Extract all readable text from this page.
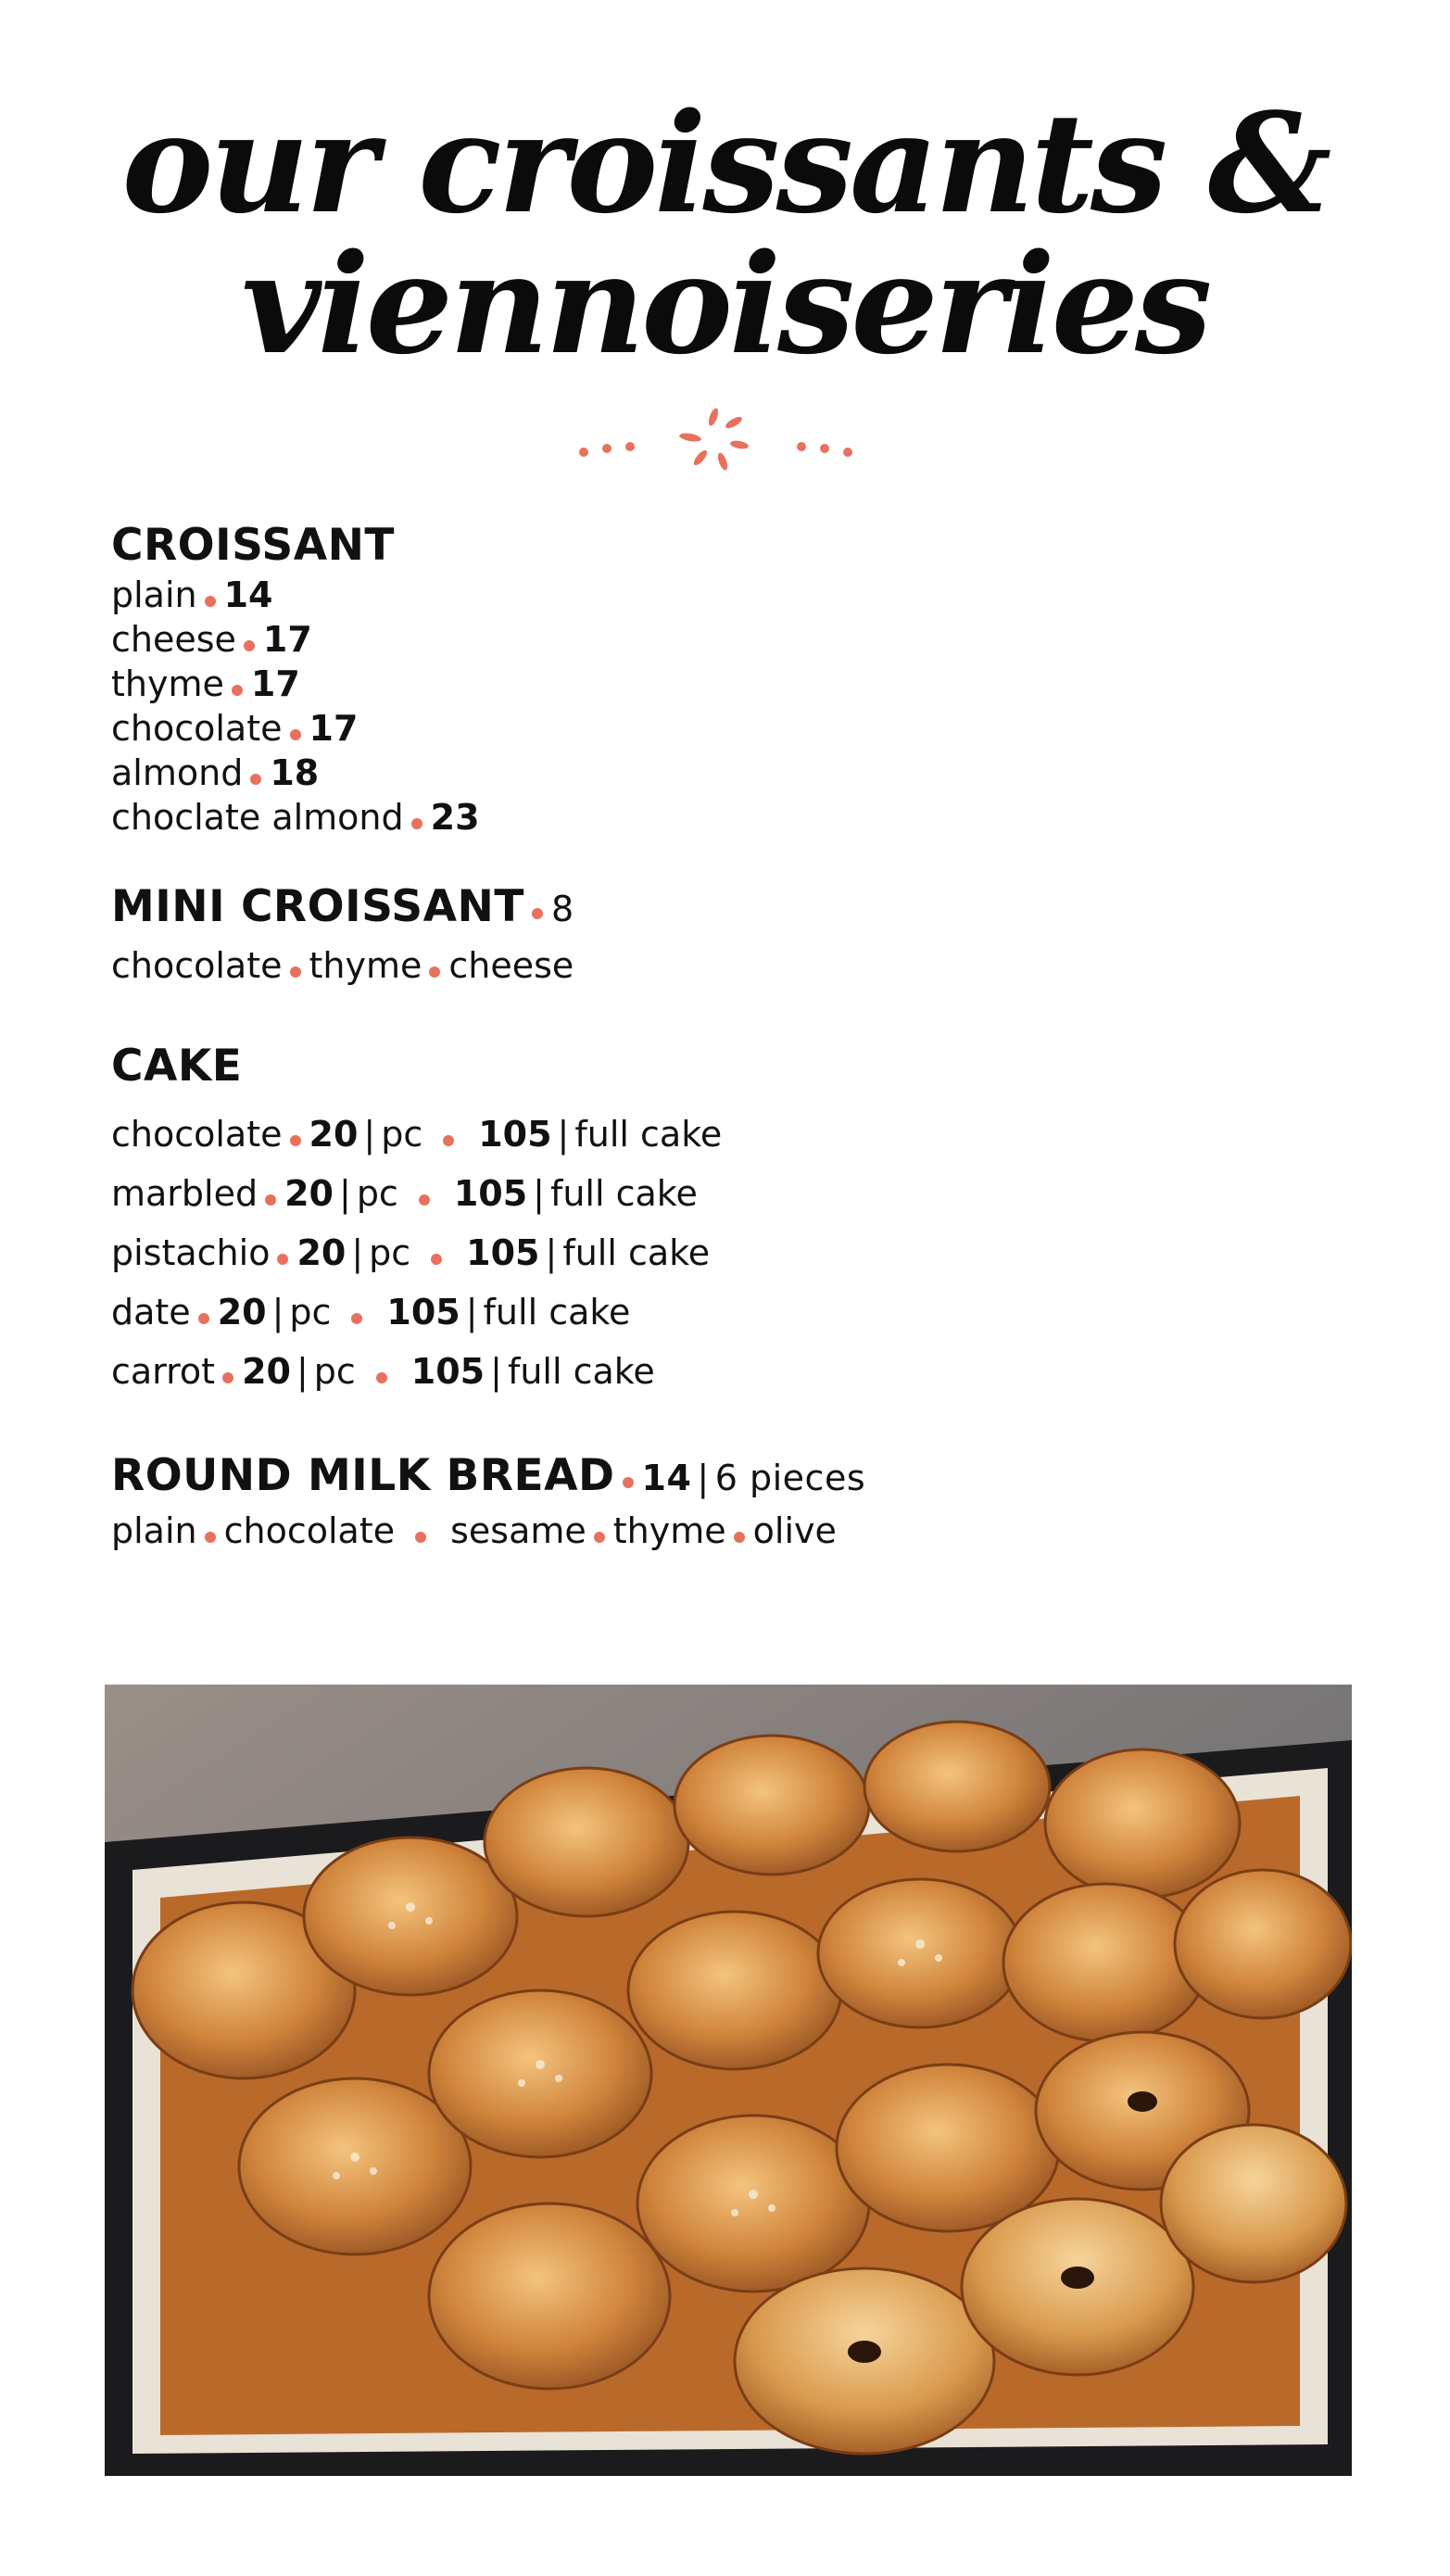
our croissants &
viennoiseries
CROISSANT
plain 14
cheese 17
thyme 17
chocolate 17
almond 18
choclate almond 23
MINI CROISSANT 8
chocolate thyme cheese
CAKE
chocolate 20 | pc 105 | full cake
marbled 20 | pc 105 | full cake
pistachio 20 | pc 105 | full cake
date 20 | pc 105 | full cake
carrot 20 | pc 105 | full cake
ROUND MILK BREAD 14 | 6 pieces
plain chocolate sesame thyme olive
